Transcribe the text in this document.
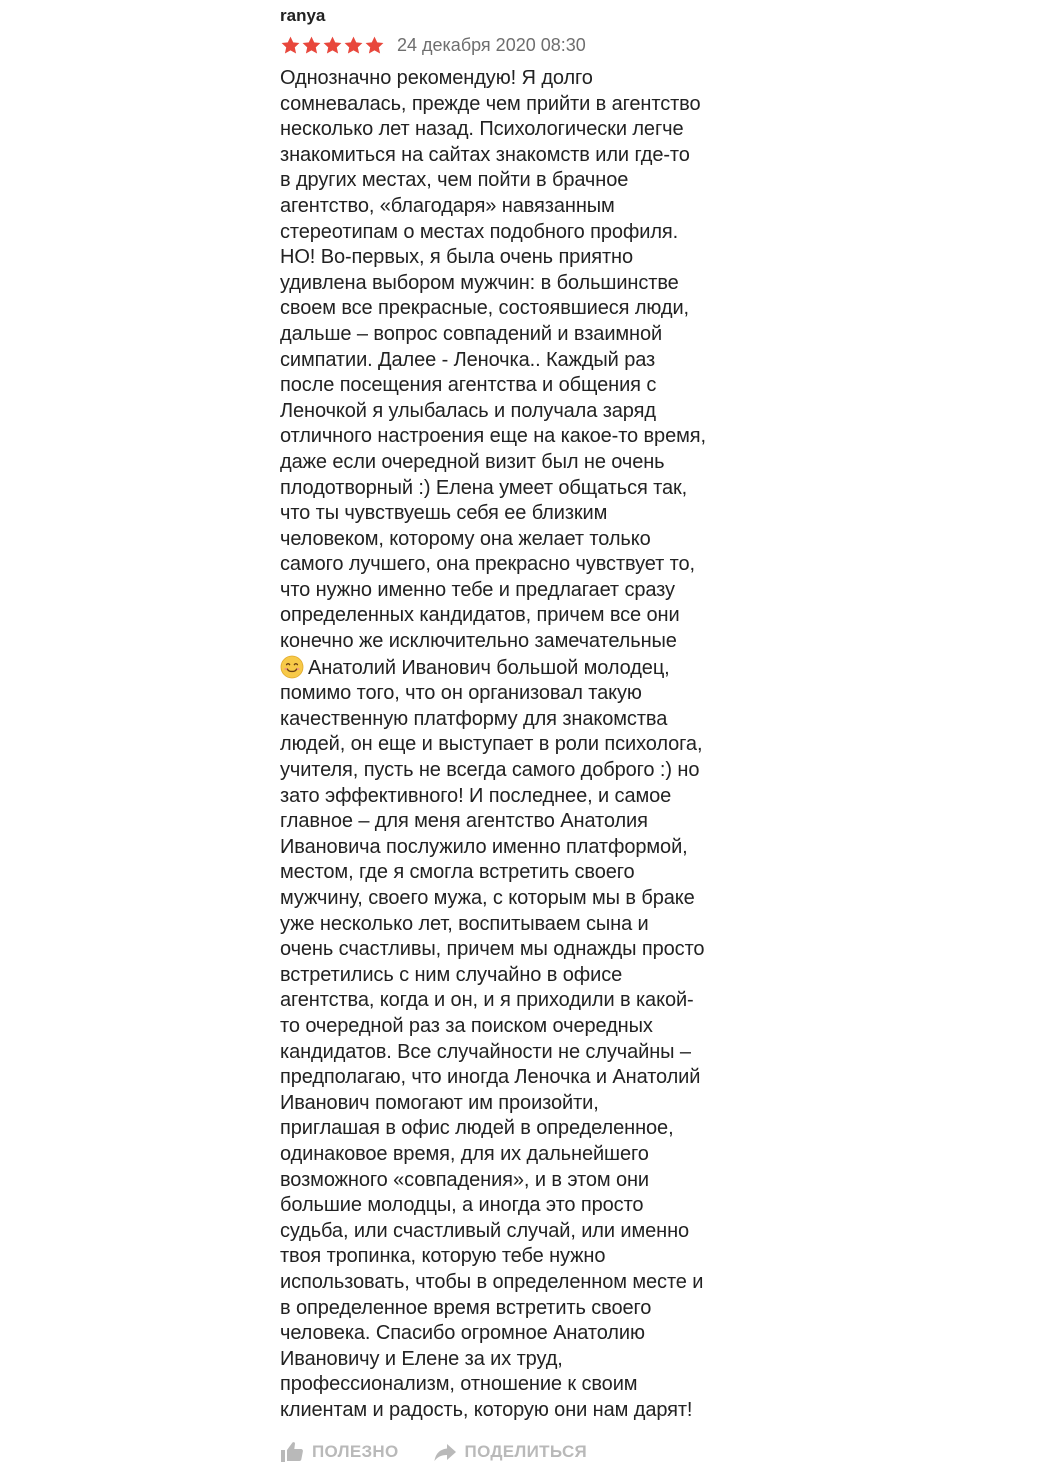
ranya
24 декабря 2020 08:30
Однозначно рекомендую! Я долго
сомневалась, прежде чем прийти в агентство
несколько лет назад. Психологически легче
знакомиться на сайтах знакомств или где-то
в других местах, чем пойти в брачное
агентство, «благодаря» навязанным
стереотипам о местах подобного профиля.
НО! Во-первых, я была очень приятно
удивлена выбором мужчин: в большинстве
своем все прекрасные, состоявшиеся люди,
дальше – вопрос совпадений и взаимной
симпатии. Далее - Леночка.. Каждый раз
после посещения агентства и общения с
Леночкой я улыбалась и получала заряд
отличного настроения еще на какое-то время,
даже если очередной визит был не очень
плодотворный :) Елена умеет общаться так,
что ты чувствуешь себя ее близким
человеком, которому она желает только
самого лучшего, она прекрасно чувствует то,
что нужно именно тебе и предлагает сразу
определенных кандидатов, причем все они
конечно же исключительно замечательные

Анатолий Иванович большой молодец,
помимо того, что он организовал такую
качественную платформу для знакомства
людей, он еще и выступает в роли психолога,
учителя, пусть не всегда самого доброго :) но
зато эффективного! И последнее, и самое
главное – для меня агентство Анатолия
Ивановича послужило именно платформой,
местом, где я смогла встретить своего
мужчину, своего мужа, с которым мы в браке
уже несколько лет, воспитываем сына и
очень счастливы, причем мы однажды просто
встретились с ним случайно в офисе
агентства, когда и он, и я приходили в какой-
то очередной раз за поиском очередных
кандидатов. Все случайности не случайны –
предполагаю, что иногда Леночка и Анатолий
Иванович помогают им произойти,
приглашая в офис людей в определенное,
одинаковое время, для их дальнейшего
возможного «совпадения», и в этом они
большие молодцы, а иногда это просто
судьба, или счастливый случай, или именно
твоя тропинка, которую тебе нужно
использовать, чтобы в определенном месте и
в определенное время встретить своего
человека. Спасибо огромное Анатолию
Ивановичу и Елене за их труд,
профессионализм, отношение к своим
клиентам и радость, которую они нам дарят!
ПОЛЕЗНО	ПОДЕЛИТЬСЯ
